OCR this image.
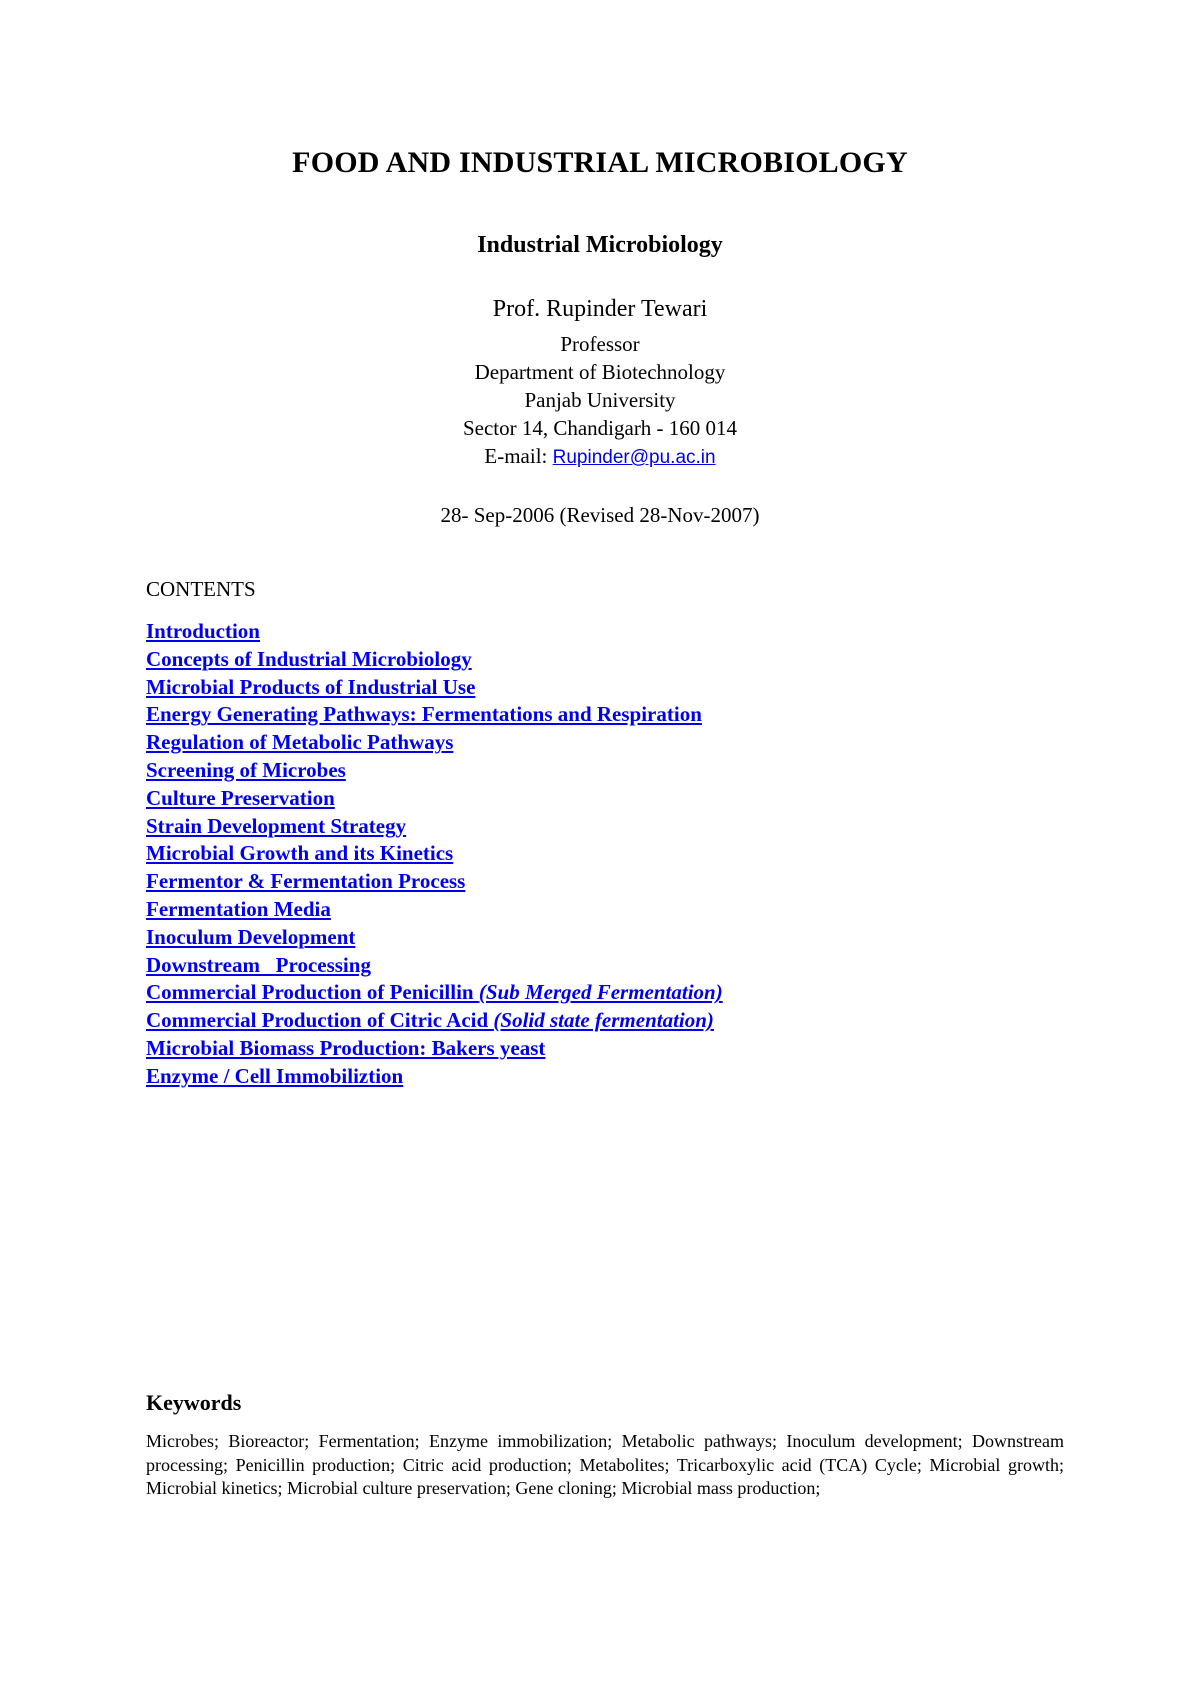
FOOD AND INDUSTRIAL MICROBIOLOGY
Industrial Microbiology
Prof. Rupinder Tewari
Professor
Department of Biotechnology
Panjab University
Sector 14, Chandigarh - 160 014
E-mail: Rupinder@pu.ac.in
28- Sep-2006 (Revised 28-Nov-2007)
CONTENTS
Introduction
Concepts of Industrial Microbiology
Microbial Products of Industrial Use
Energy Generating Pathways: Fermentations and Respiration
Regulation of Metabolic Pathways
Screening of Microbes
Culture Preservation
Strain Development Strategy
Microbial Growth and its Kinetics
Fermentor & Fermentation Process
Fermentation Media
Inoculum Development
Downstream   Processing
Commercial Production of Penicillin (Sub Merged Fermentation)
Commercial Production of Citric Acid (Solid state fermentation)
Microbial Biomass Production: Bakers yeast
Enzyme / Cell Immobiliztion
Keywords
Microbes; Bioreactor; Fermentation; Enzyme immobilization; Metabolic pathways; Inoculum development; Downstream processing; Penicillin production; Citric acid production; Metabolites; Tricarboxylic acid (TCA) Cycle; Microbial growth; Microbial kinetics; Microbial culture preservation; Gene cloning; Microbial mass production;
